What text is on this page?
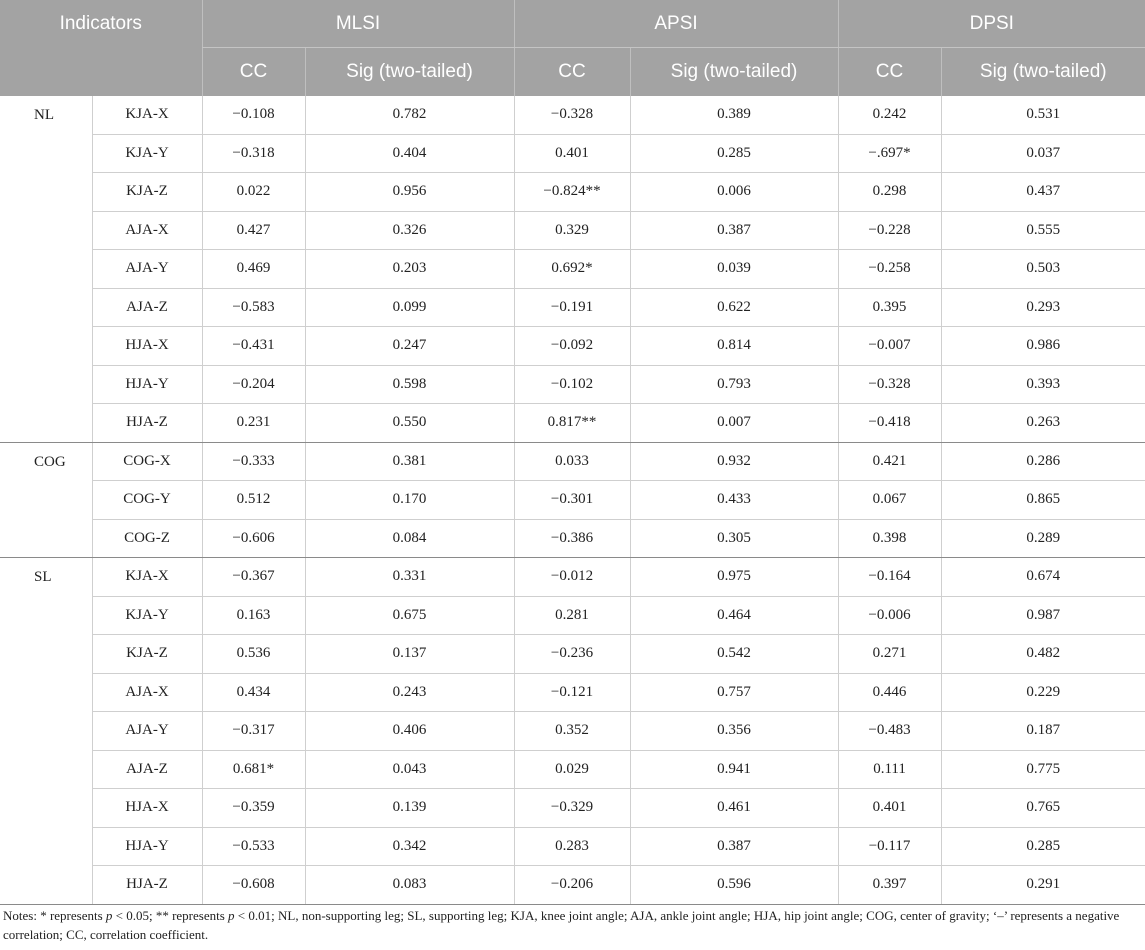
Indicators		MLSI		APSI		DPSI	
		CC	Sig (two-tailed)	CC	Sig (two-tailed)	CC	Sig (two-tailed)
NL	KJA-X	−0.108	0.782	−0.328	0.389	0.242	0.531
	KJA-Y	−0.318	0.404	0.401	0.285	−.697*	0.037
	KJA-Z	0.022	0.956	−0.824**	0.006	0.298	0.437
	AJA-X	0.427	0.326	0.329	0.387	−0.228	0.555
	AJA-Y	0.469	0.203	0.692*	0.039	−0.258	0.503
	AJA-Z	−0.583	0.099	−0.191	0.622	0.395	0.293
	HJA-X	−0.431	0.247	−0.092	0.814	−0.007	0.986
	HJA-Y	−0.204	0.598	−0.102	0.793	−0.328	0.393
	HJA-Z	0.231	0.550	0.817**	0.007	−0.418	0.263
COG	COG-X	−0.333	0.381	0.033	0.932	0.421	0.286
	COG-Y	0.512	0.170	−0.301	0.433	0.067	0.865
	COG-Z	−0.606	0.084	−0.386	0.305	0.398	0.289
SL	KJA-X	−0.367	0.331	−0.012	0.975	−0.164	0.674
	KJA-Y	0.163	0.675	0.281	0.464	−0.006	0.987
	KJA-Z	0.536	0.137	−0.236	0.542	0.271	0.482
	AJA-X	0.434	0.243	−0.121	0.757	0.446	0.229
	AJA-Y	−0.317	0.406	0.352	0.356	−0.483	0.187
	AJA-Z	0.681*	0.043	0.029	0.941	0.111	0.775
	HJA-X	−0.359	0.139	−0.329	0.461	0.401	0.765
	HJA-Y	−0.533	0.342	0.283	0.387	−0.117	0.285
	HJA-Z	−0.608	0.083	−0.206	0.596	0.397	0.291
Notes: * represents p < 0.05; ** represents p < 0.01; NL, non-supporting leg; SL, supporting leg; KJA, knee joint angle; AJA, ankle joint angle; HJA, hip joint angle; COG, center of gravity; ‘–’ represents a negative correlation; CC, correlation coefficient.
